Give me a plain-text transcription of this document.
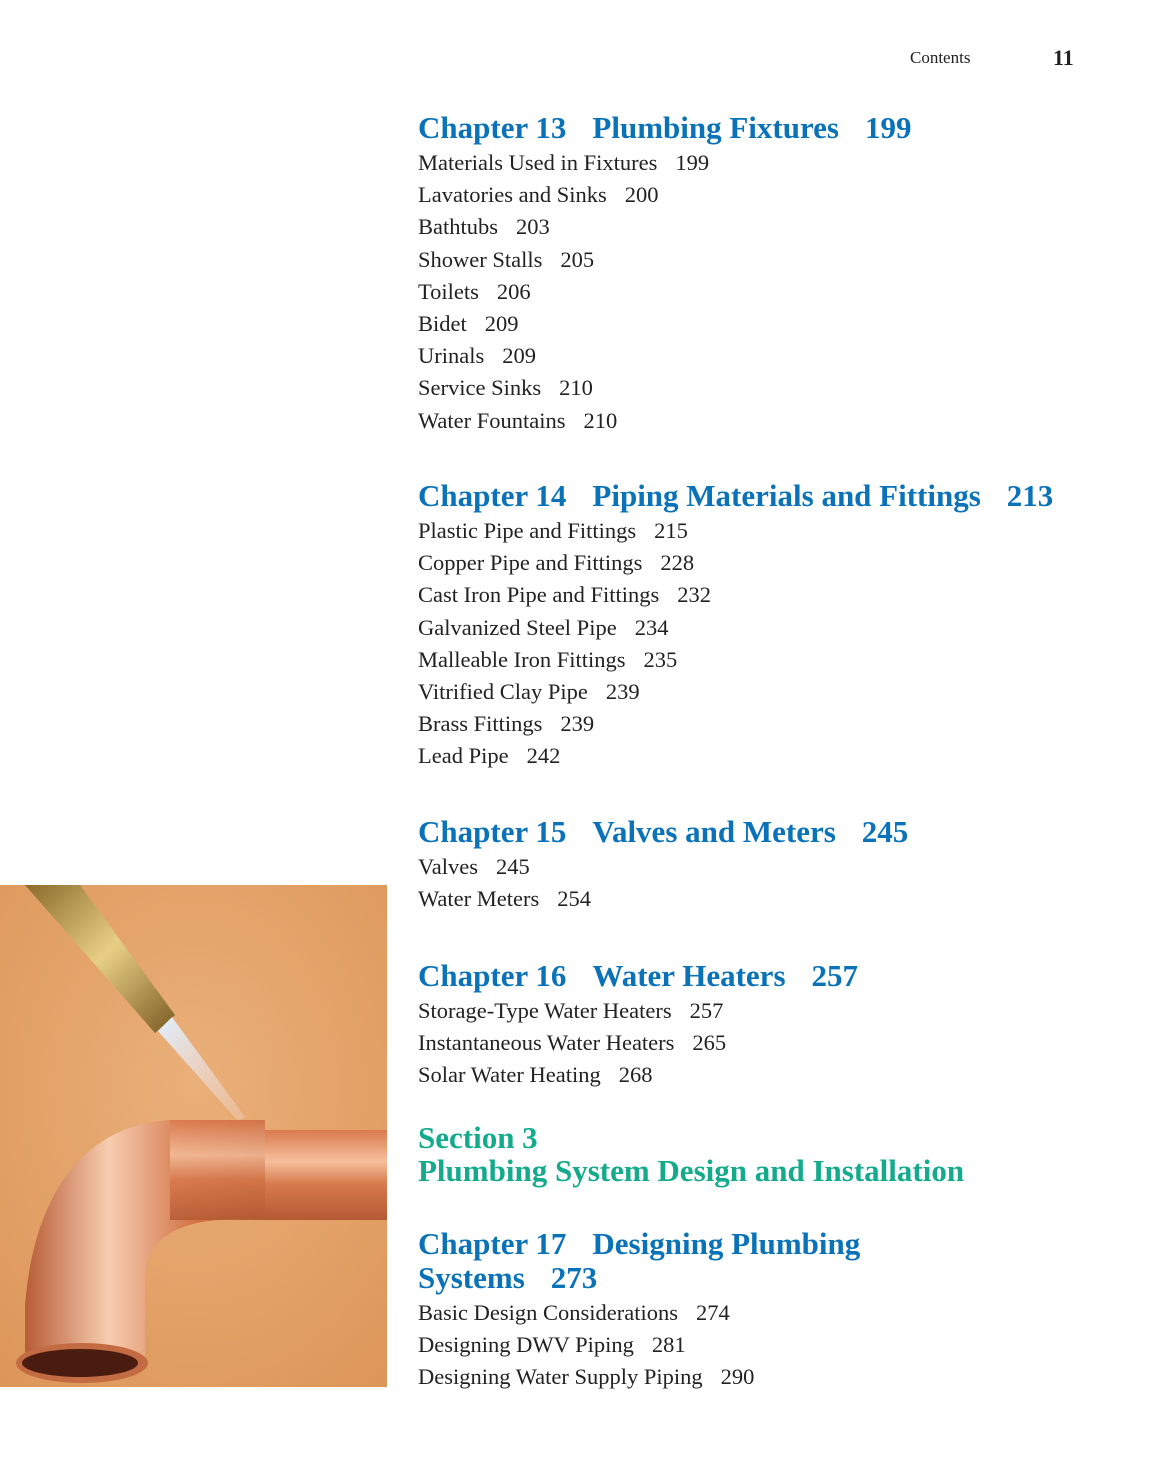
Contents	11
Chapter 13 Plumbing Fixtures 199
Materials Used in Fixtures 199
Lavatories and Sinks 200
Bathtubs 203
Shower Stalls 205
Toilets 206
Bidet 209
Urinals 209
Service Sinks 210
Water Fountains 210
Chapter 14 Piping Materials and Fittings 213
Plastic Pipe and Fittings 215
Copper Pipe and Fittings 228
Cast Iron Pipe and Fittings 232
Galvanized Steel Pipe 234
Malleable Iron Fittings 235
Vitrified Clay Pipe 239
Brass Fittings 239
Lead Pipe 242
Chapter 15 Valves and Meters 245
Valves 245
Water Meters 254
Chapter 16 Water Heaters 257
Storage-Type Water Heaters 257
Instantaneous Water Heaters 265
Solar Water Heating 268
Section 3
Plumbing System Design and Installation
Chapter 17 Designing Plumbing
Systems 273
Basic Design Considerations 274
Designing DWV Piping 281
Designing Water Supply Piping 290
